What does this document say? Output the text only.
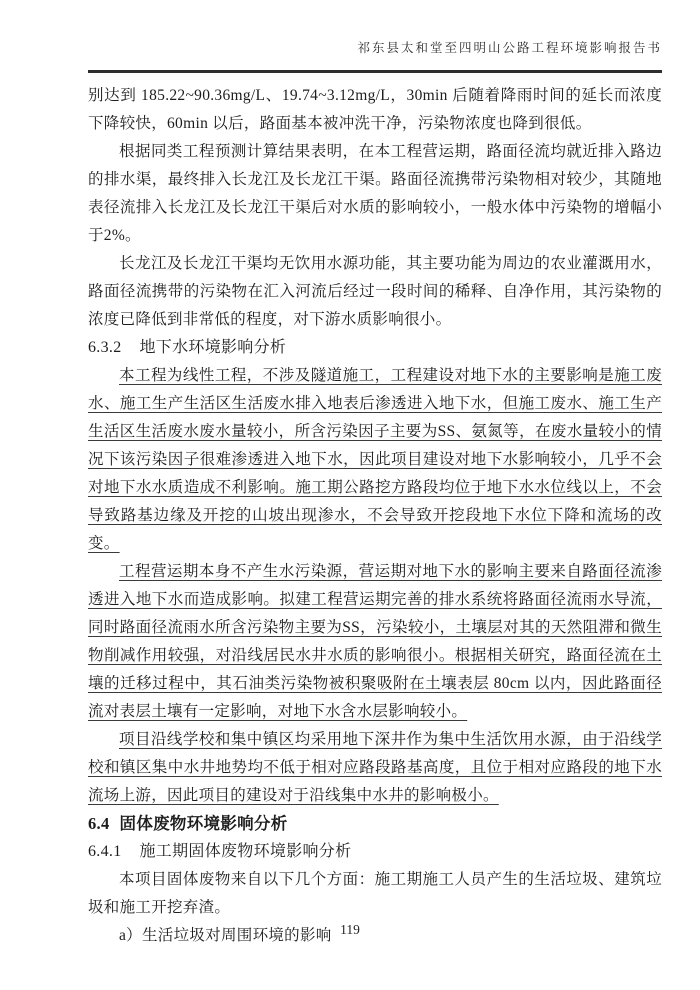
祁东县太和堂至四明山公路工程环境影响报告书

别达到 185.22~90.36mg/L、19.74~3.12mg/L，30min 后随着降雨时间的延长而浓度下降较快，60min 以后，路面基本被冲洗干净，污染物浓度也降到很低。

根据同类工程预测计算结果表明，在本工程营运期，路面径流均就近排入路边的排水渠，最终排入长龙江及长龙江干渠。路面径流携带污染物相对较少，其随地表径流排入长龙江及长龙江干渠后对水质的影响较小，一般水体中污染物的增幅小于2%。

长龙江及长龙江干渠均无饮用水源功能，其主要功能为周边的农业灌溉用水，路面径流携带的污染物在汇入河流后经过一段时间的稀释、自净作用，其污染物的浓度已降低到非常低的程度，对下游水质影响很小。

6.3.2 地下水环境影响分析

本工程为线性工程，不涉及隧道施工，工程建设对地下水的主要影响是施工废水、施工生产生活区生活废水排入地表后渗透进入地下水，但施工废水、施工生产生活区生活废水废水量较小，所含污染因子主要为SS、氨氮等，在废水量较小的情况下该污染因子很难渗透进入地下水，因此项目建设对地下水影响较小，几乎不会对地下水水质造成不利影响。施工期公路挖方路段均位于地下水水位线以上，不会导致路基边缘及开挖的山坡出现渗水，不会导致开挖段地下水位下降和流场的改变。

工程营运期本身不产生水污染源，营运期对地下水的影响主要来自路面径流渗透进入地下水而造成影响。拟建工程营运期完善的排水系统将路面径流雨水导流，同时路面径流雨水所含污染物主要为SS，污染较小，土壤层对其的天然阻滞和微生物削减作用较强，对沿线居民水井水质的影响很小。根据相关研究，路面径流在土壤的迁移过程中，其石油类污染物被积聚吸附在土壤表层 80cm 以内，因此路面径流对表层土壤有一定影响，对地下水含水层影响较小。

项目沿线学校和集中镇区均采用地下深井作为集中生活饮用水源，由于沿线学校和镇区集中水井地势均不低于相对应路段路基高度，且位于相对应路段的地下水流场上游，因此项目的建设对于沿线集中水井的影响极小。

6.4 固体废物环境影响分析
6.4.1 施工期固体废物环境影响分析

本项目固体废物来自以下几个方面：施工期施工人员产生的生活垃圾、建筑垃圾和施工开挖弃渣。

a）生活垃圾对周围环境的影响 119
